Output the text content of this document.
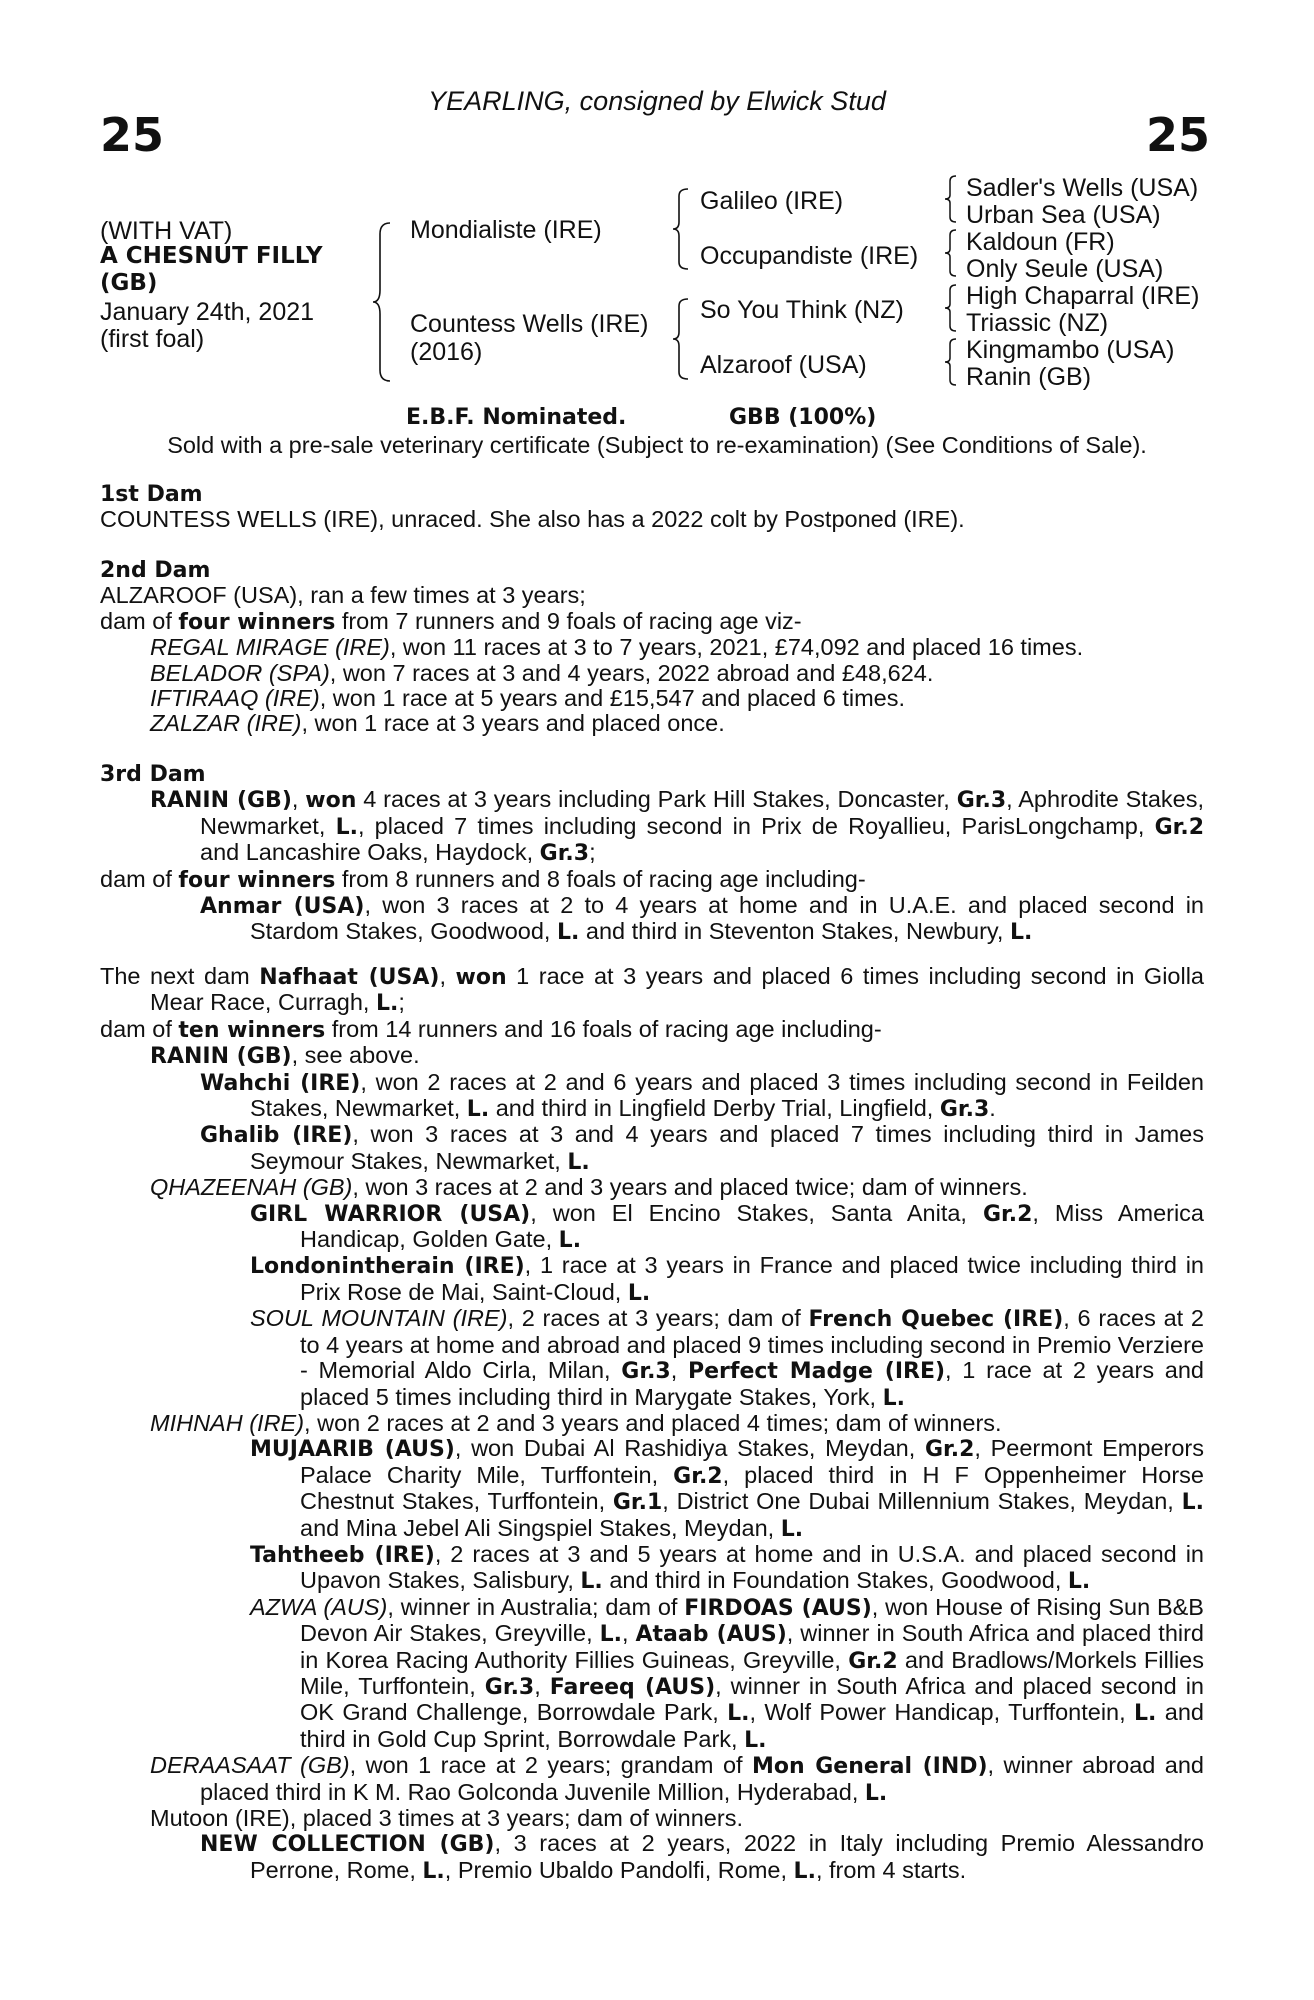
YEARLING, consigned by Elwick Stud
25	25
(WITH VAT)
A CHESNUT FILLY
(GB)
January 24th, 2021
(first foal)
Mondialiste (IRE)
Countess Wells (IRE)
(2016)
Galileo (IRE)
Occupandiste (IRE)
So You Think (NZ)
Alzaroof (USA)
Sadler's Wells (USA)
Urban Sea (USA)
Kaldoun (FR)
Only Seule (USA)
High Chaparral (IRE)
Triassic (NZ)
Kingmambo (USA)
Ranin (GB)
E.B.F. Nominated.	GBB (100%)
Sold with a pre-sale veterinary certificate (Subject to re-examination) (See Conditions of Sale).

1st Dam

COUNTESS WELLS (IRE), unraced. She also has a 2022 colt by Postponed (IRE).

2nd Dam

ALZAROOF (USA), ran a few times at 3 years;

dam of four winners from 7 runners and 9 foals of racing age viz-

REGAL MIRAGE (IRE), won 11 races at 3 to 7 years, 2021, £74,092 and placed 16 times.

BELADOR (SPA), won 7 races at 3 and 4 years, 2022 abroad and £48,624.

IFTIRAAQ (IRE), won 1 race at 5 years and £15,547 and placed 6 times.

ZALZAR (IRE), won 1 race at 3 years and placed once.

3rd Dam

RANIN (GB), won 4 races at 3 years including Park Hill Stakes, Doncaster, Gr.3, Aphrodite Stakes, Newmarket, L., placed 7 times including second in Prix de Royallieu, ParisLongchamp, Gr.2 and Lancashire Oaks, Haydock, Gr.3;

dam of four winners from 8 runners and 8 foals of racing age including-

Anmar (USA), won 3 races at 2 to 4 years at home and in U.A.E. and placed second in Stardom Stakes, Goodwood, L. and third in Steventon Stakes, Newbury, L.

The next dam Nafhaat (USA), won 1 race at 3 years and placed 6 times including second in Giolla Mear Race, Curragh, L.;

dam of ten winners from 14 runners and 16 foals of racing age including-

RANIN (GB), see above.

Wahchi (IRE), won 2 races at 2 and 6 years and placed 3 times including second in Feilden Stakes, Newmarket, L. and third in Lingfield Derby Trial, Lingfield, Gr.3.

Ghalib (IRE), won 3 races at 3 and 4 years and placed 7 times including third in James Seymour Stakes, Newmarket, L.

QHAZEENAH (GB), won 3 races at 2 and 3 years and placed twice; dam of winners.

GIRL WARRIOR (USA), won El Encino Stakes, Santa Anita, Gr.2, Miss America Handicap, Golden Gate, L.

Londonintherain (IRE), 1 race at 3 years in France and placed twice including third in Prix Rose de Mai, Saint-Cloud, L.

SOUL MOUNTAIN (IRE), 2 races at 3 years; dam of French Quebec (IRE), 6 races at 2 to 4 years at home and abroad and placed 9 times including second in Premio Verziere - Memorial Aldo Cirla, Milan, Gr.3, Perfect Madge (IRE), 1 race at 2 years and placed 5 times including third in Marygate Stakes, York, L.

MIHNAH (IRE), won 2 races at 2 and 3 years and placed 4 times; dam of winners.

MUJAARIB (AUS), won Dubai Al Rashidiya Stakes, Meydan, Gr.2, Peermont Emperors Palace Charity Mile, Turffontein, Gr.2, placed third in H F Oppenheimer Horse Chestnut Stakes, Turffontein, Gr.1, District One Dubai Millennium Stakes, Meydan, L. and Mina Jebel Ali Singspiel Stakes, Meydan, L.

Tahtheeb (IRE), 2 races at 3 and 5 years at home and in U.S.A. and placed second in Upavon Stakes, Salisbury, L. and third in Foundation Stakes, Goodwood, L.

AZWA (AUS), winner in Australia; dam of FIRDOAS (AUS), won House of Rising Sun B&B Devon Air Stakes, Greyville, L., Ataab (AUS), winner in South Africa and placed third in Korea Racing Authority Fillies Guineas, Greyville, Gr.2 and Bradlows/Morkels Fillies Mile, Turffontein, Gr.3, Fareeq (AUS), winner in South Africa and placed second in OK Grand Challenge, Borrowdale Park, L., Wolf Power Handicap, Turffontein, L. and third in Gold Cup Sprint, Borrowdale Park, L.

DERAASAAT (GB), won 1 race at 2 years; grandam of Mon General (IND), winner abroad and placed third in K M. Rao Golconda Juvenile Million, Hyderabad, L.

Mutoon (IRE), placed 3 times at 3 years; dam of winners.

NEW COLLECTION (GB), 3 races at 2 years, 2022 in Italy including Premio Alessandro Perrone, Rome, L., Premio Ubaldo Pandolfi, Rome, L., from 4 starts.
